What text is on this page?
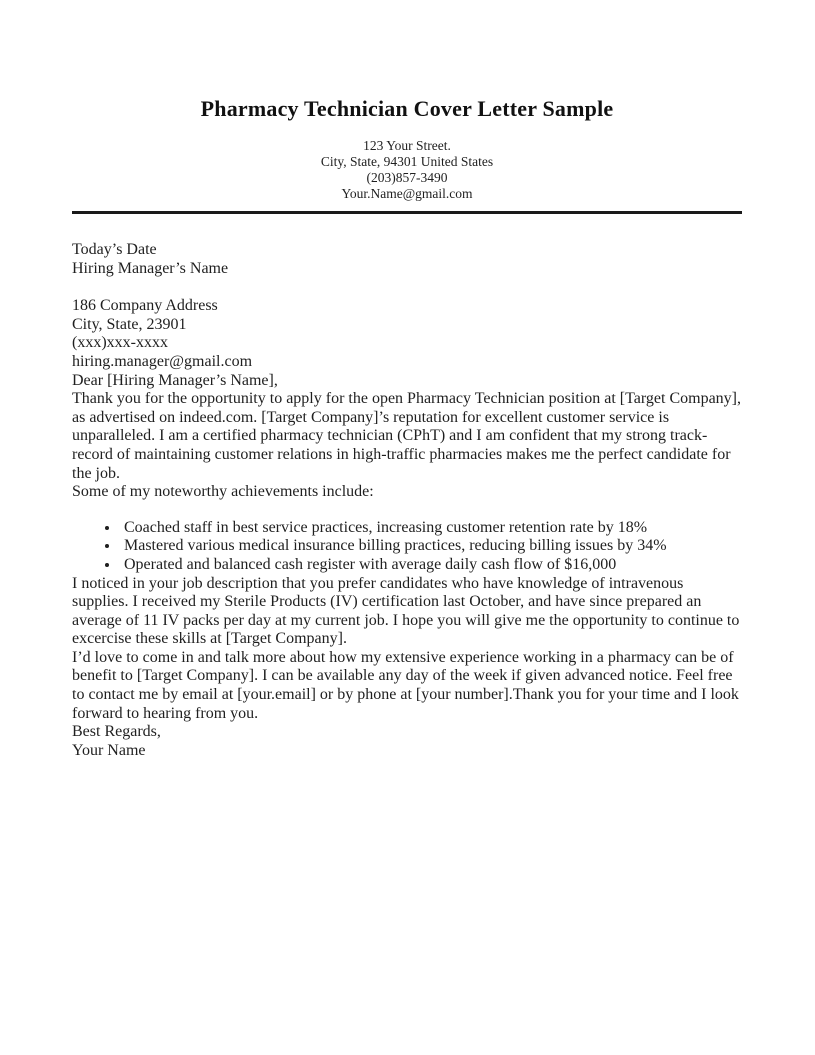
Pharmacy Technician Cover Letter Sample
123 Your Street.
City, State, 94301 United States
(203)857-3490
Your.Name@gmail.com
Today’s Date
Hiring Manager’s Name
186 Company Address
City, State, 23901
(xxx)xxx-xxxx
hiring.manager@gmail.com

Dear [Hiring Manager’s Name],

Thank you for the opportunity to apply for the open Pharmacy Technician position at [Target Company], as advertised on indeed.com. [Target Company]’s reputation for excellent customer service is unparalleled. I am a certified pharmacy technician (CPhT) and I am confident that my strong track-record of maintaining customer relations in high-traffic pharmacies makes me the perfect candidate for the job.

Some of my noteworthy achievements include:

• Coached staff in best service practices, increasing customer retention rate by 18%
• Mastered various medical insurance billing practices, reducing billing issues by 34%
• Operated and balanced cash register with average daily cash flow of $16,000

I noticed in your job description that you prefer candidates who have knowledge of intravenous supplies. I received my Sterile Products (IV) certification last October, and have since prepared an average of 11 IV packs per day at my current job. I hope you will give me the opportunity to continue to excercise these skills at [Target Company].

I’d love to come in and talk more about how my extensive experience working in a pharmacy can be of benefit to [Target Company]. I can be available any day of the week if given advanced notice. Feel free to contact me by email at [your.email] or by phone at [your number].Thank you for your time and I look forward to hearing from you.

Best Regards,

Your Name
